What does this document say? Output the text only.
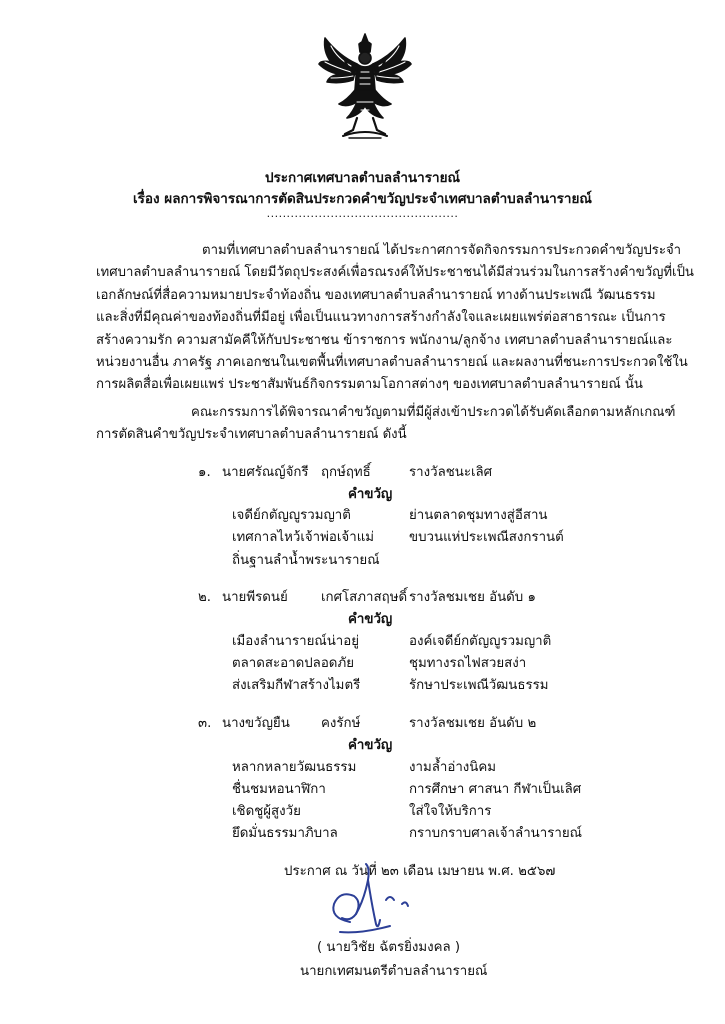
ประกาศเทศบาลตำบลลำนารายณ์
เรื่อง ผลการพิจารณาการตัดสินประกวดคำขวัญประจำเทศบาลตำบลลำนารายณ์
................................................
ตามที่เทศบาลตำบลลำนารายณ์ ได้ประกาศการจัดกิจกรรมการประกวดคำขวัญประจำ
เทศบาลตำบลลำนารายณ์ โดยมีวัตถุประสงค์เพื่อรณรงค์ให้ประชาชนได้มีส่วนร่วมในการสร้างคำขวัญที่เป็น
เอกลักษณ์ที่สื่อความหมายประจำท้องถิ่น ของเทศบาลตำบลลำนารายณ์ ทางด้านประเพณี วัฒนธรรม
และสิ่งที่มีคุณค่าของท้องถิ่นที่มีอยู่ เพื่อเป็นแนวทางการสร้างกำลังใจและเผยแพร่ต่อสาธารณะ เป็นการ
สร้างความรัก ความสามัคคีให้กับประชาชน ข้าราชการ พนักงาน/ลูกจ้าง เทศบาลตำบลลำนารายณ์และ
หน่วยงานอื่น ภาครัฐ ภาคเอกชนในเขตพื้นที่เทศบาลตำบลลำนารายณ์ และผลงานที่ชนะการประกวดใช้ใน
การผลิตสื่อเพื่อเผยแพร่ ประชาสัมพันธ์กิจกรรมตามโอกาสต่างๆ ของเทศบาลตำบลลำนารายณ์ นั้น
คณะกรรมการได้พิจารณาคำขวัญตามที่มีผู้ส่งเข้าประกวดได้รับคัดเลือกตามหลักเกณฑ์
การตัดสินคำขวัญประจำเทศบาลตำบลลำนารายณ์ ดังนี้
๑. นายศรัณญ์จักรี ฤกษ์ฤทธิ์	รางวัลชนะเลิศ
คำขวัญ
เจดีย์กตัญญูรวมญาติ
เทศกาลไหว้เจ้าพ่อเจ้าแม่
ถิ่นฐานลำน้ำพระนารายณ์
ย่านตลาดชุมทางสู่อีสาน
ขบวนแห่ประเพณีสงกรานต์
๒. นายพีรดนย์ เกศโสภาสฤษดิ์ รางวัลชมเชย อันดับ ๑
คำขวัญ
เมืองลำนารายณ์น่าอยู่
ตลาดสะอาดปลอดภัย
ส่งเสริมกีฬาสร้างไมตรี
องค์เจดีย์กตัญญูรวมญาติ
ชุมทางรถไฟสวยสง่า
รักษาประเพณีวัฒนธรรม
๓. นางขวัญยืน คงรักษ์	รางวัลชมเชย อันดับ ๒
คำขวัญ
หลากหลายวัฒนธรรม
ชื่นชมหอนาฬิกา
เชิดชูผู้สูงวัย
ยึดมั่นธรรมาภิบาล
งามล้ำอ่างนิคม
การศึกษา ศาสนา กีฬาเป็นเลิศ
ใส่ใจให้บริการ
กราบกราบศาลเจ้าลำนารายณ์
ประกาศ ณ วันที่ ๒๓ เดือน เมษายน พ.ศ. ๒๕๖๗
( นายวิชัย ฉัตรยิ่งมงคล )
นายกเทศมนตรีตำบลลำนารายณ์
